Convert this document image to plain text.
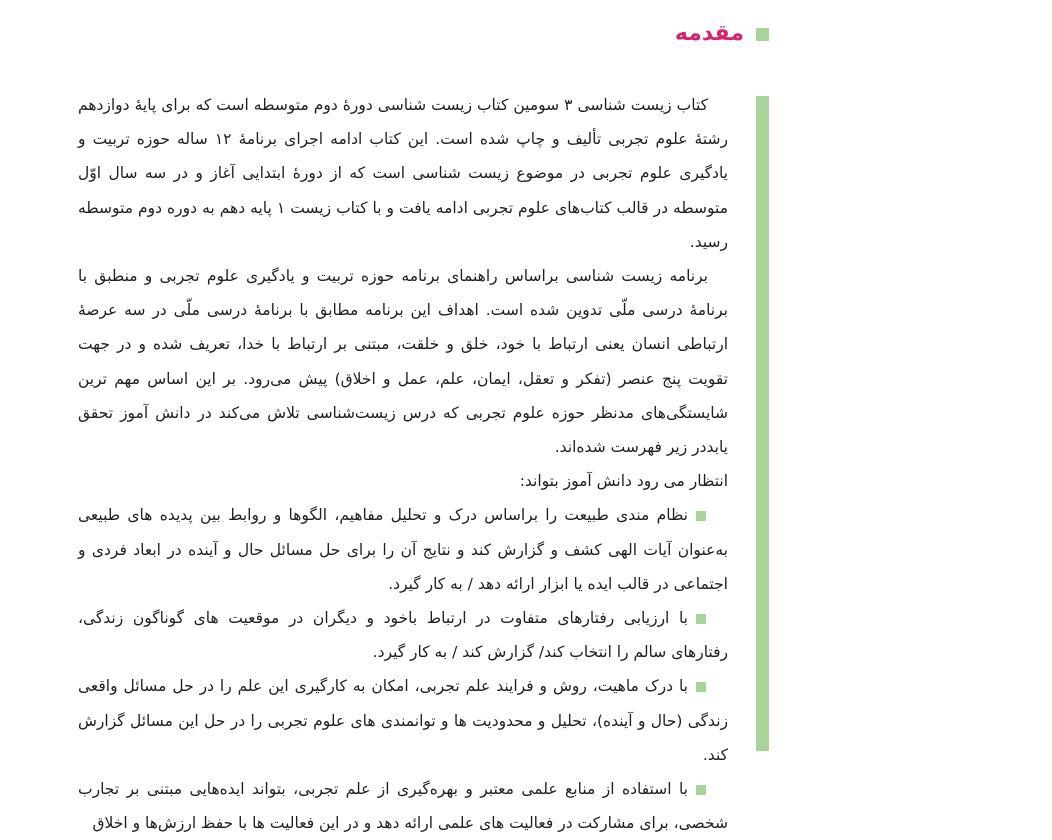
مقدمه

کتاب زیست شناسی ۳ سومین کتاب زیست شناسی دورهٔ دوم متوسطه است که برای پایهٔ دوازدهم رشتهٔ علوم تجربی تألیف و چاپ شده است. این کتاب ادامه اجرای برنامهٔ ۱۲ ساله حوزه تربیت و یادگیری علوم تجربی در موضوع زیست شناسی است که از دورهٔ ابتدایی آغاز و در سه سال اوّل متوسطه در قالب کتاب‌های علوم تجربی ادامه یافت و با کتاب زیست ۱ پایه دهم به دوره دوم متوسطه رسید.

برنامه زیست شناسی براساس راهنمای برنامه حوزه تربیت و یادگیری علوم تجربی و منطبق با برنامهٔ درسی ملّی تدوین شده است. اهداف این برنامه مطابق با برنامهٔ درسی ملّی در سه عرصهٔ ارتباطی انسان یعنی ارتباط با خود، خلق و خلقت، مبتنی بر ارتباط با خدا، تعریف شده و در جهت تقویت پنج عنصر (تفکر و تعقل، ایمان، علم، عمل و اخلاق) پیش می‌رود. بر این اساس مهم ترین شایستگی‌های مدنظر حوزه علوم تجربی که درس زیست‌شناسی تلاش می‌کند در دانش آموز تحقق یابددر زیر فهرست شده‌اند.

انتظار می رود دانش آموز بتواند:

نظام مندی طبیعت را براساس درک و تحلیل مفاهیم، الگوها و روابط بین پدیده های طبیعی به‌عنوان آیات الهی کشف و گزارش کند و نتایج آن را برای حل مسائل حال و آینده در ابعاد فردی و اجتماعی در قالب ایده یا ابزار ارائه دهد / به کار گیرد.

با ارزیابی رفتارهای متفاوت در ارتباط باخود و دیگران در موقعیت های گوناگون زندگی، رفتارهای سالم را انتخاب کند/ گزارش کند / به کار گیرد.

با درک ماهیت، روش و فرایند علم تجربی، امکان به کارگیری این علم را در حل مسائل واقعی زندگی (حال و آینده)، تحلیل و محدودیت ها و توانمندی های علوم تجربی را در حل این مسائل گزارش کند.

با استفاده از منابع علمی معتبر و بهره‌گیری از علم تجربی، بتواند ایده‌هایی مبتنی بر تجارب شخصی، برای مشارکت در فعالیت های علمی ارائه دهد و در این فعالیت ها با حفظ ارزش‌ها و اخلاق
